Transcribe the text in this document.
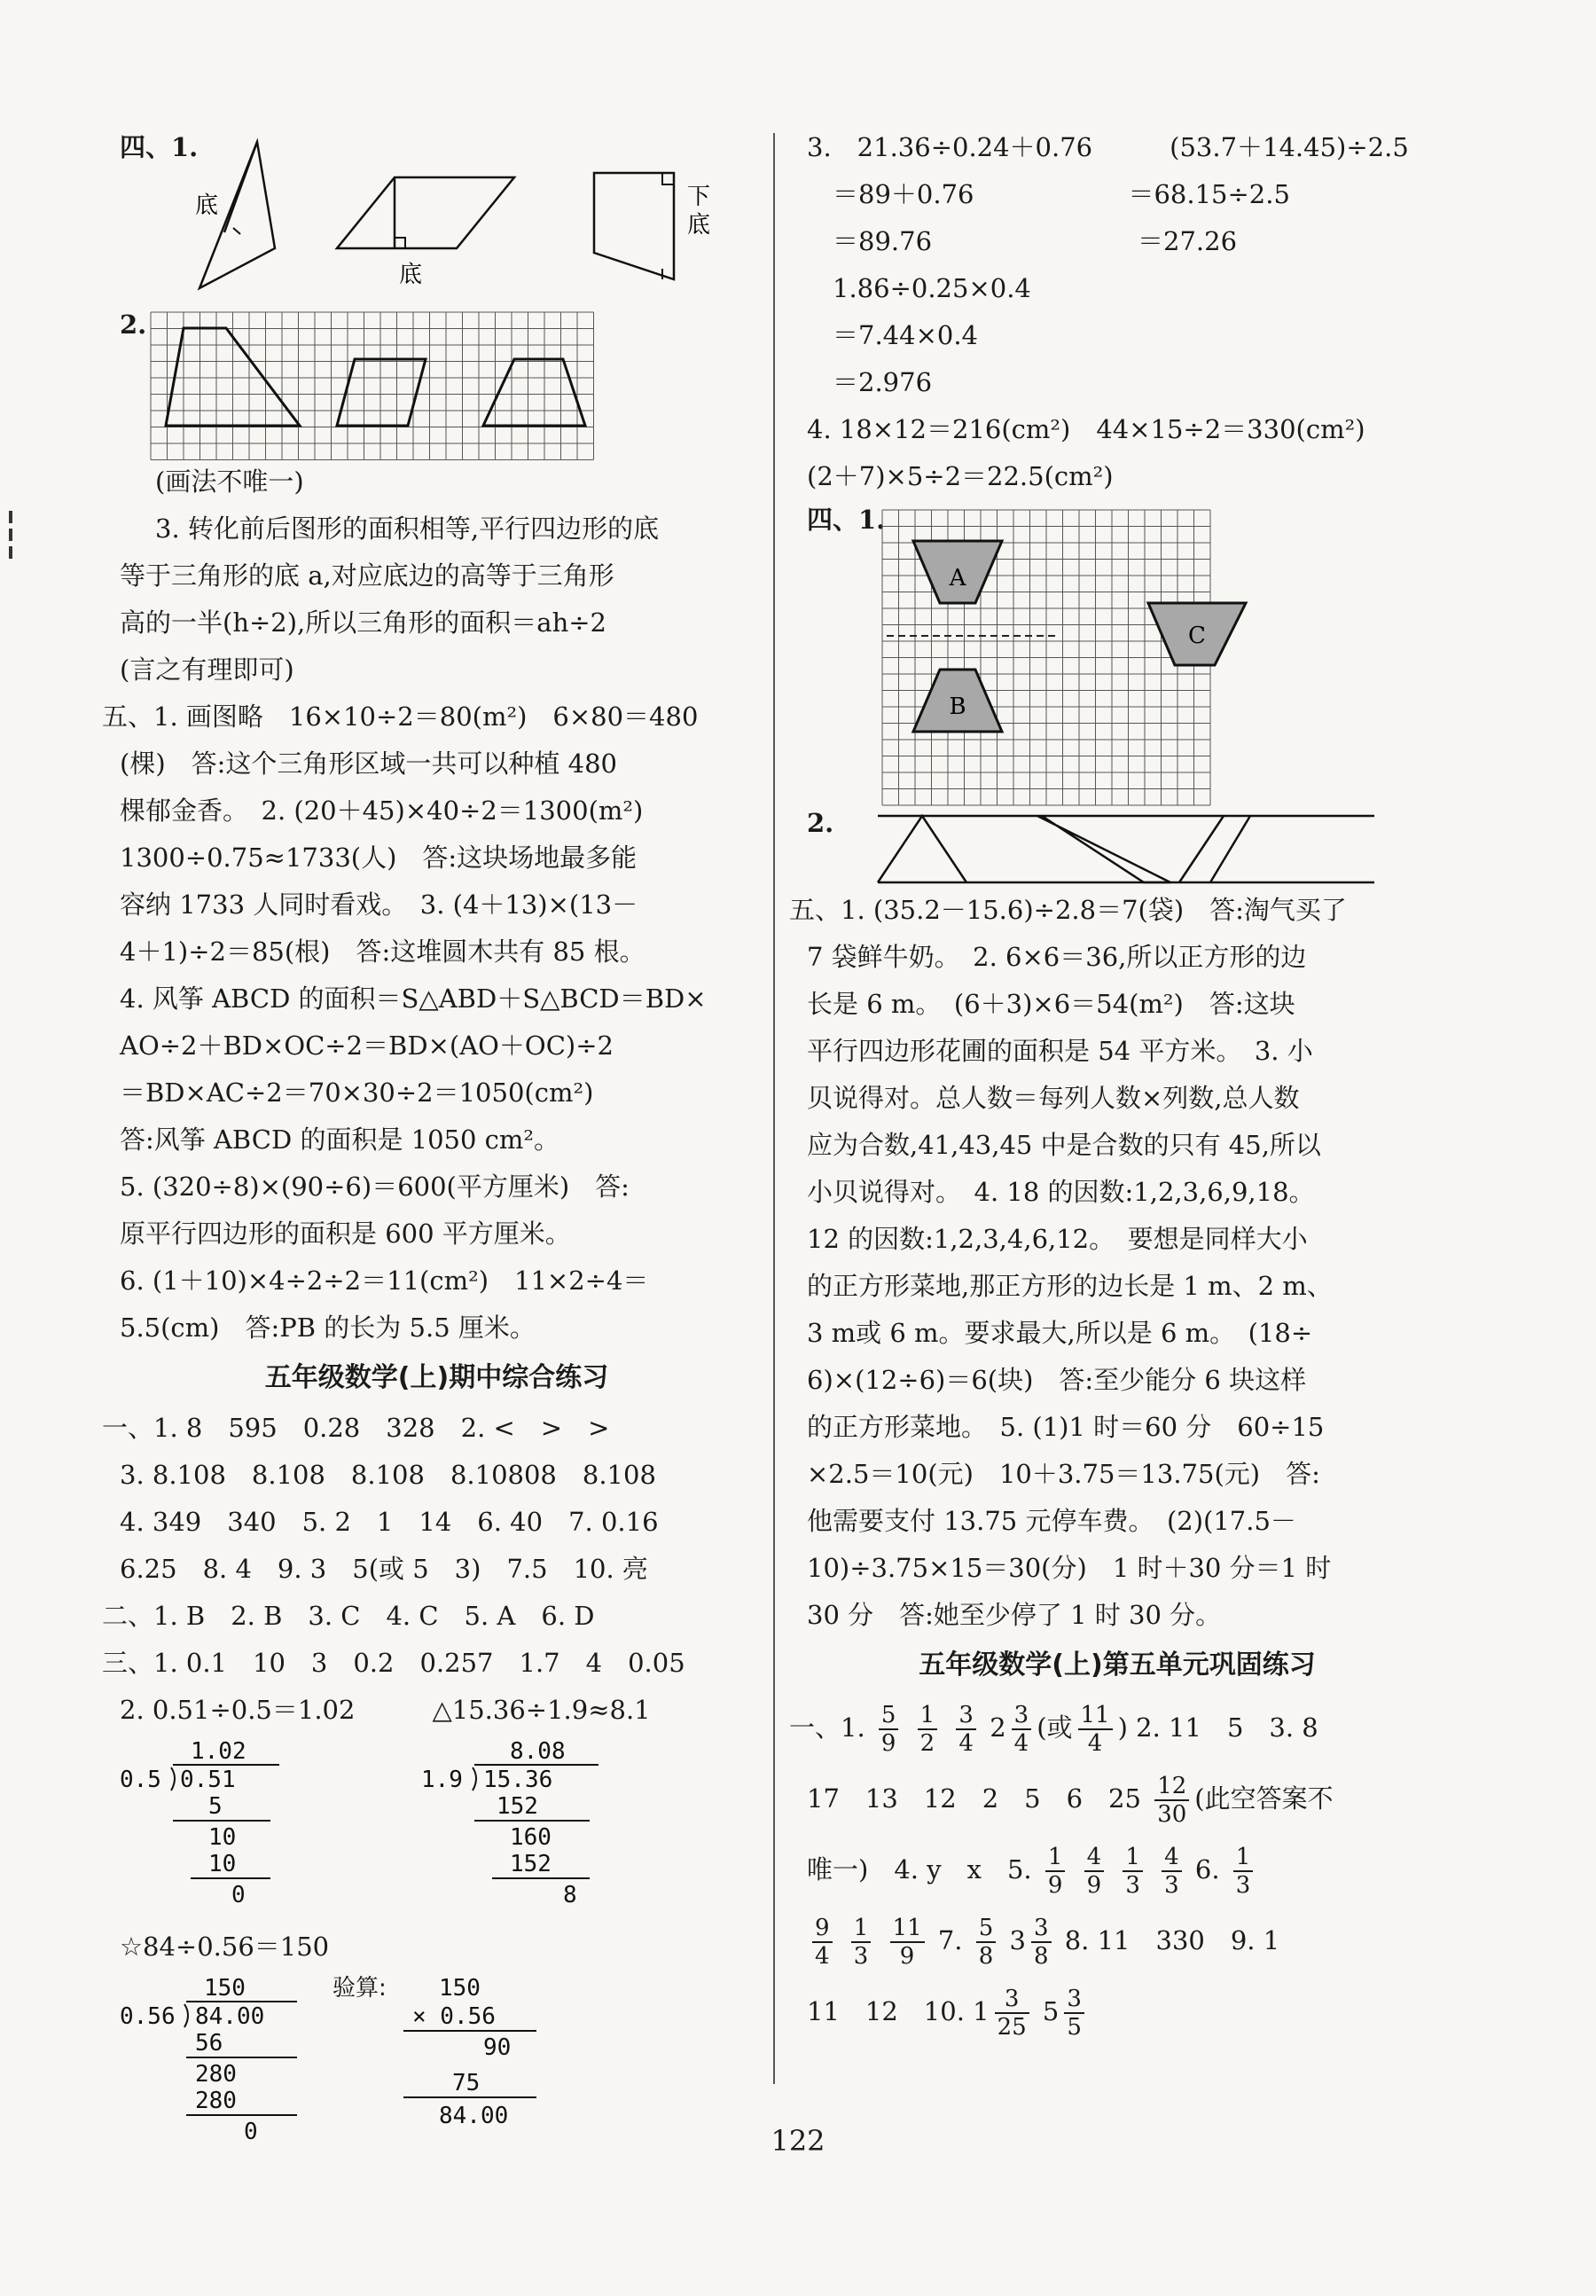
四、1.
底
底
下
底
2.
(画法不唯一)
3. 转化前后图形的面积相等,平行四边形的底
等于三角形的底 a,对应底边的高等于三角形
高的一半(h÷2),所以三角形的面积＝ah÷2
(言之有理即可)
五、1. 画图略　16×10÷2＝80(m²)　6×80＝480
(棵)　答:这个三角形区域一共可以种植 480
棵郁金香。　2. (20＋45)×40÷2＝1300(m²)
1300÷0.75≈1733(人)　答:这块场地最多能
容纳 1733 人同时看戏。　3. (4＋13)×(13－
4＋1)÷2＝85(根)　答:这堆圆木共有 85 根。
4. 风筝 ABCD 的面积＝S△ABD＋S△BCD＝BD×
AO÷2＋BD×OC÷2＝BD×(AO＋OC)÷2
＝BD×AC÷2＝70×30÷2＝1050(cm²)
答:风筝 ABCD 的面积是 1050 cm²。
5. (320÷8)×(90÷6)＝600(平方厘米)　答:
原平行四边形的面积是 600 平方厘米。
6. (1＋10)×4÷2÷2＝11(cm²)　11×2÷4＝
5.5(cm)　答:PB 的长为 5.5 厘米。
五年级数学(上)期中综合练习
一、1. 8　595　0.28　328　2. <　>　>
3. 8.108　8.108　8.108　8.10808　8.108
4. 349　340　5. 2　1　14　6. 40　7. 0.16
6.25　8. 4　9. 3　5(或 5　3)　7.5　10. 亮
二、1. B　2. B　3. C　4. C　5. A　6. D
三、1. 0.1　10　3　0.2　0.257　1.7　4　0.05
2. 0.51÷0.5＝1.02　　　△15.36÷1.9≈8.1
1.02
0.5 0.51
5
10
10
0
8.08
1.9 15.36
152
160
152
8
☆84÷0.56＝150
150
0.56 84.00
56
280
280
0
验算: 150
× 0.56
90
75
84.00
3.　21.36÷0.24＋0.76　　　(53.7＋14.45)÷2.5
　＝89＋0.76　　　　　　＝68.15÷2.5
　＝89.76　　　　　　　　＝27.26
　1.86÷0.25×0.4
　＝7.44×0.4
　＝2.976
4. 18×12＝216(cm²)　44×15÷2＝330(cm²)
(2＋7)×5÷2＝22.5(cm²)
四、1.
A
B
C
2.
五、1. (35.2－15.6)÷2.8＝7(袋)　答:淘气买了
7 袋鲜牛奶。　2. 6×6＝36,所以正方形的边
长是 6 m。　(6＋3)×6＝54(m²)　答:这块
平行四边形花圃的面积是 54 平方米。　3. 小
贝说得对。总人数＝每列人数×列数,总人数
应为合数,41,43,45 中是合数的只有 45,所以
小贝说得对。　4. 18 的因数:1,2,3,6,9,18。
12 的因数:1,2,3,4,6,12。　要想是同样大小
的正方形菜地,那正方形的边长是 1 m、2 m、
3 m或 6 m。要求最大,所以是 6 m。　(18÷
6)×(12÷6)＝6(块)　答:至少能分 6 块这样
的正方形菜地。　5. (1)1 时＝60 分　60÷15
×2.5＝10(元)　10＋3.75＝13.75(元)　答:
他需要支付 13.75 元停车费。　(2)(17.5－
10)÷3.75×15＝30(分)　1 时＋30 分＝1 时
30 分　答:她至少停了 1 时 30 分。
五年级数学(上)第五单元巩固练习
一、1. $\frac{5}{9}$
$\frac{1}{2}$
$\frac{3}{4} 2 \frac{3}{4}$ (或 $\frac{11}{4}$ ) 2. 11　5　3. 8
17　13　12　2　5　6　$25 \frac{12}{30}$ (此空答案不
唯一)　4. y　x　5. $\frac{1}{9}$
$\frac{4}{9}$
$\frac{1}{3}$
$\frac{4}{3} 6$. $\frac{1}{3}$
$\frac{9}{4}$
$\frac{1}{3}$
$\frac{11}{9} 7$. $\frac{5}{8} 3 \frac{3}{8} 8$. 11　330　9. 1
11　12　10. $1 \frac{3}{25} 5 \frac{3}{5}$
122
